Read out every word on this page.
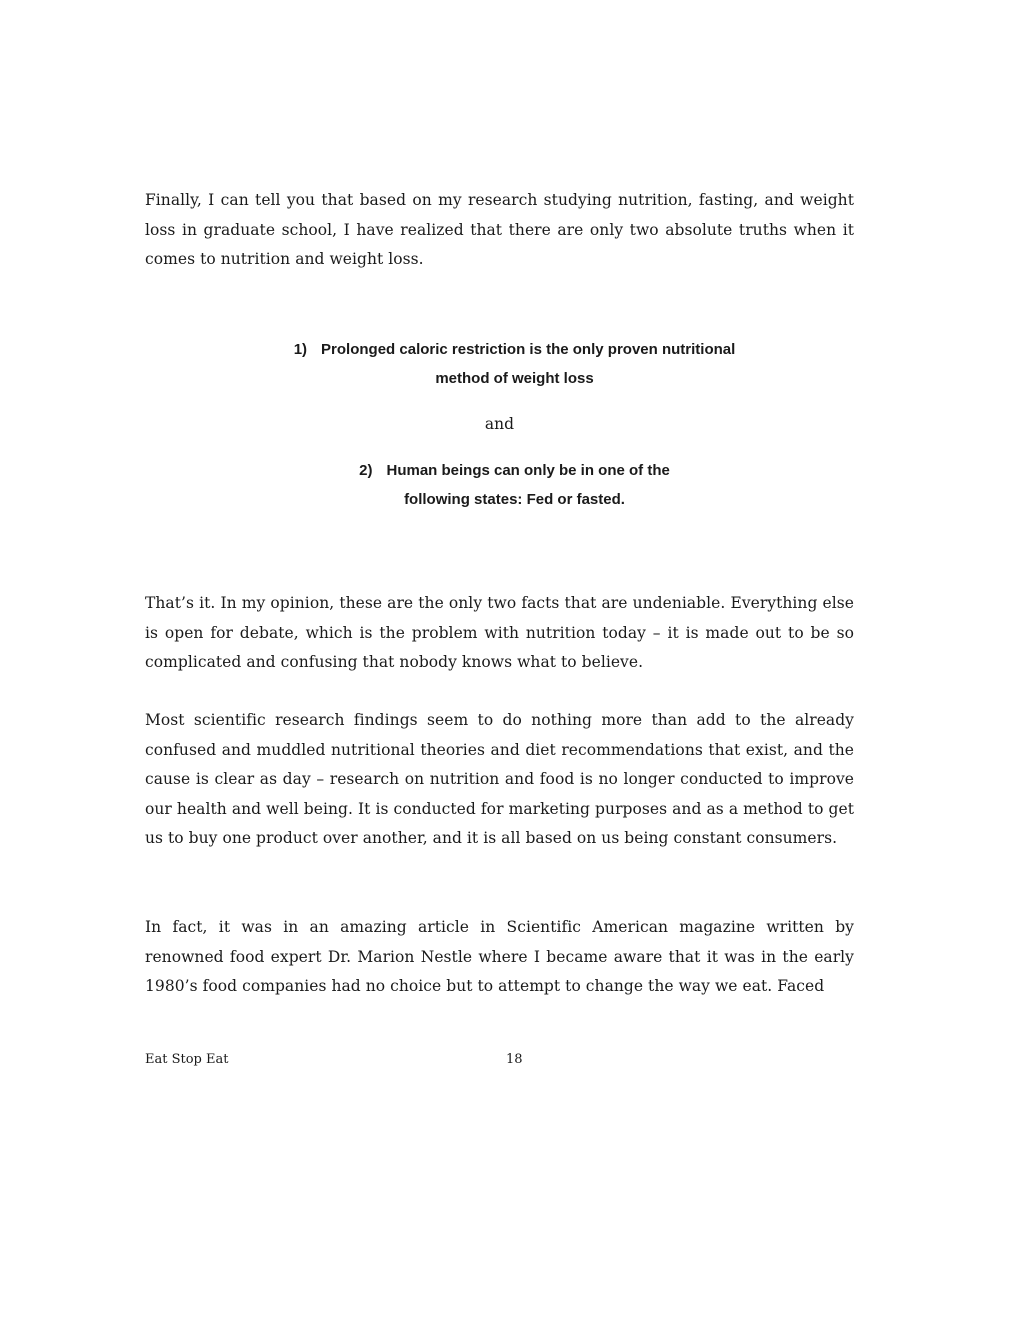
Finally, I can tell you that based on my research studying nutrition, fasting, and weight loss in graduate school, I have realized that there are only two absolute truths when it comes to nutrition and weight loss.

1) Prolonged caloric restriction is the only proven nutritional
method of weight loss

and

2) Human beings can only be in one of the
following states: Fed or fasted.

That’s it. In my opinion, these are the only two facts that are undeniable. Everything else is open for debate, which is the problem with nutrition today – it is made out to be so complicated and confusing that nobody knows what to believe.

Most scientific research findings seem to do nothing more than add to the already confused and muddled nutritional theories and diet recommendations that exist, and the cause is clear as day – research on nutrition and food is no longer conducted to improve our health and well being. It is conducted for marketing purposes and as a method to get us to buy one product over another, and it is all based on us being constant consumers.

In fact, it was in an amazing article in Scientific American magazine written by renowned food expert Dr. Marion Nestle where I became aware that it was in the early 1980’s food companies had no choice but to attempt to change the way we eat. Faced

Eat Stop Eat	18
